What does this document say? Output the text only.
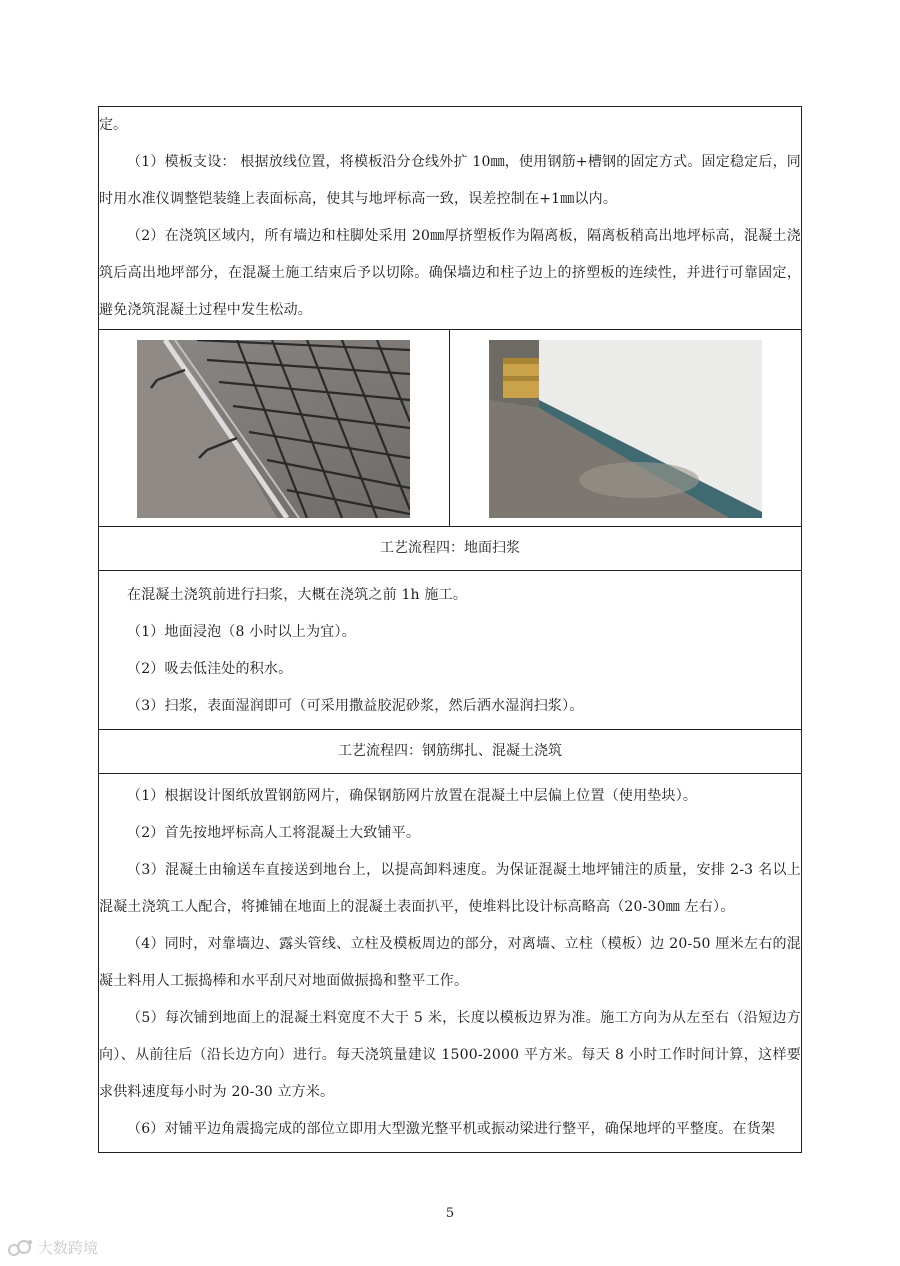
定。

（1）模板支设： 根据放线位置，将模板沿分仓线外扩 10㎜，使用钢筋+槽钢的固定方式。固定稳定后，同时用水准仪调整铠装缝上表面标高，使其与地坪标高一致，误差控制在+1㎜以内。

（2）在浇筑区域内，所有墙边和柱脚处采用 20㎜厚挤塑板作为隔离板，隔离板稍高出地坪标高，混凝土浇筑后高出地坪部分，在混凝土施工结束后予以切除。确保墙边和柱子边上的挤塑板的连续性，并进行可靠固定，避免浇筑混凝土过程中发生松动。

工艺流程四：地面扫浆

在混凝土浇筑前进行扫浆，大概在浇筑之前 1h 施工。

（1）地面浸泡（8 小时以上为宜）。

（2）吸去低洼处的积水。

（3）扫浆，表面湿润即可（可采用撒益胶泥砂浆，然后洒水湿润扫浆）。

工艺流程四：钢筋绑扎、混凝土浇筑

（1）根据设计图纸放置钢筋网片，确保钢筋网片放置在混凝土中层偏上位置（使用垫块）。

（2）首先按地坪标高人工将混凝土大致铺平。

（3）混凝土由输送车直接送到地台上，以提高卸料速度。为保证混凝土地坪铺注的质量，安排 2-3 名以上混凝土浇筑工人配合，将摊铺在地面上的混凝土表面扒平，使堆料比设计标高略高（20-30㎜ 左右）。

（4）同时，对靠墙边、露头管线、立柱及模板周边的部分，对离墙、立柱（模板）边 20-50 厘米左右的混凝土料用人工振捣棒和水平刮尺对地面做振捣和整平工作。

（5）每次铺到地面上的混凝土料宽度不大于 5 米，长度以模板边界为准。施工方向为从左至右（沿短边方向）、从前往后（沿长边方向）进行。每天浇筑量建议 1500-2000 平方米。每天 8 小时工作时间计算，这样要求供料速度每小时为 20-30 立方米。

（6）对铺平边角震捣完成的部位立即用大型激光整平机或振动梁进行整平，确保地坪的平整度。在货架

5
大数跨境
